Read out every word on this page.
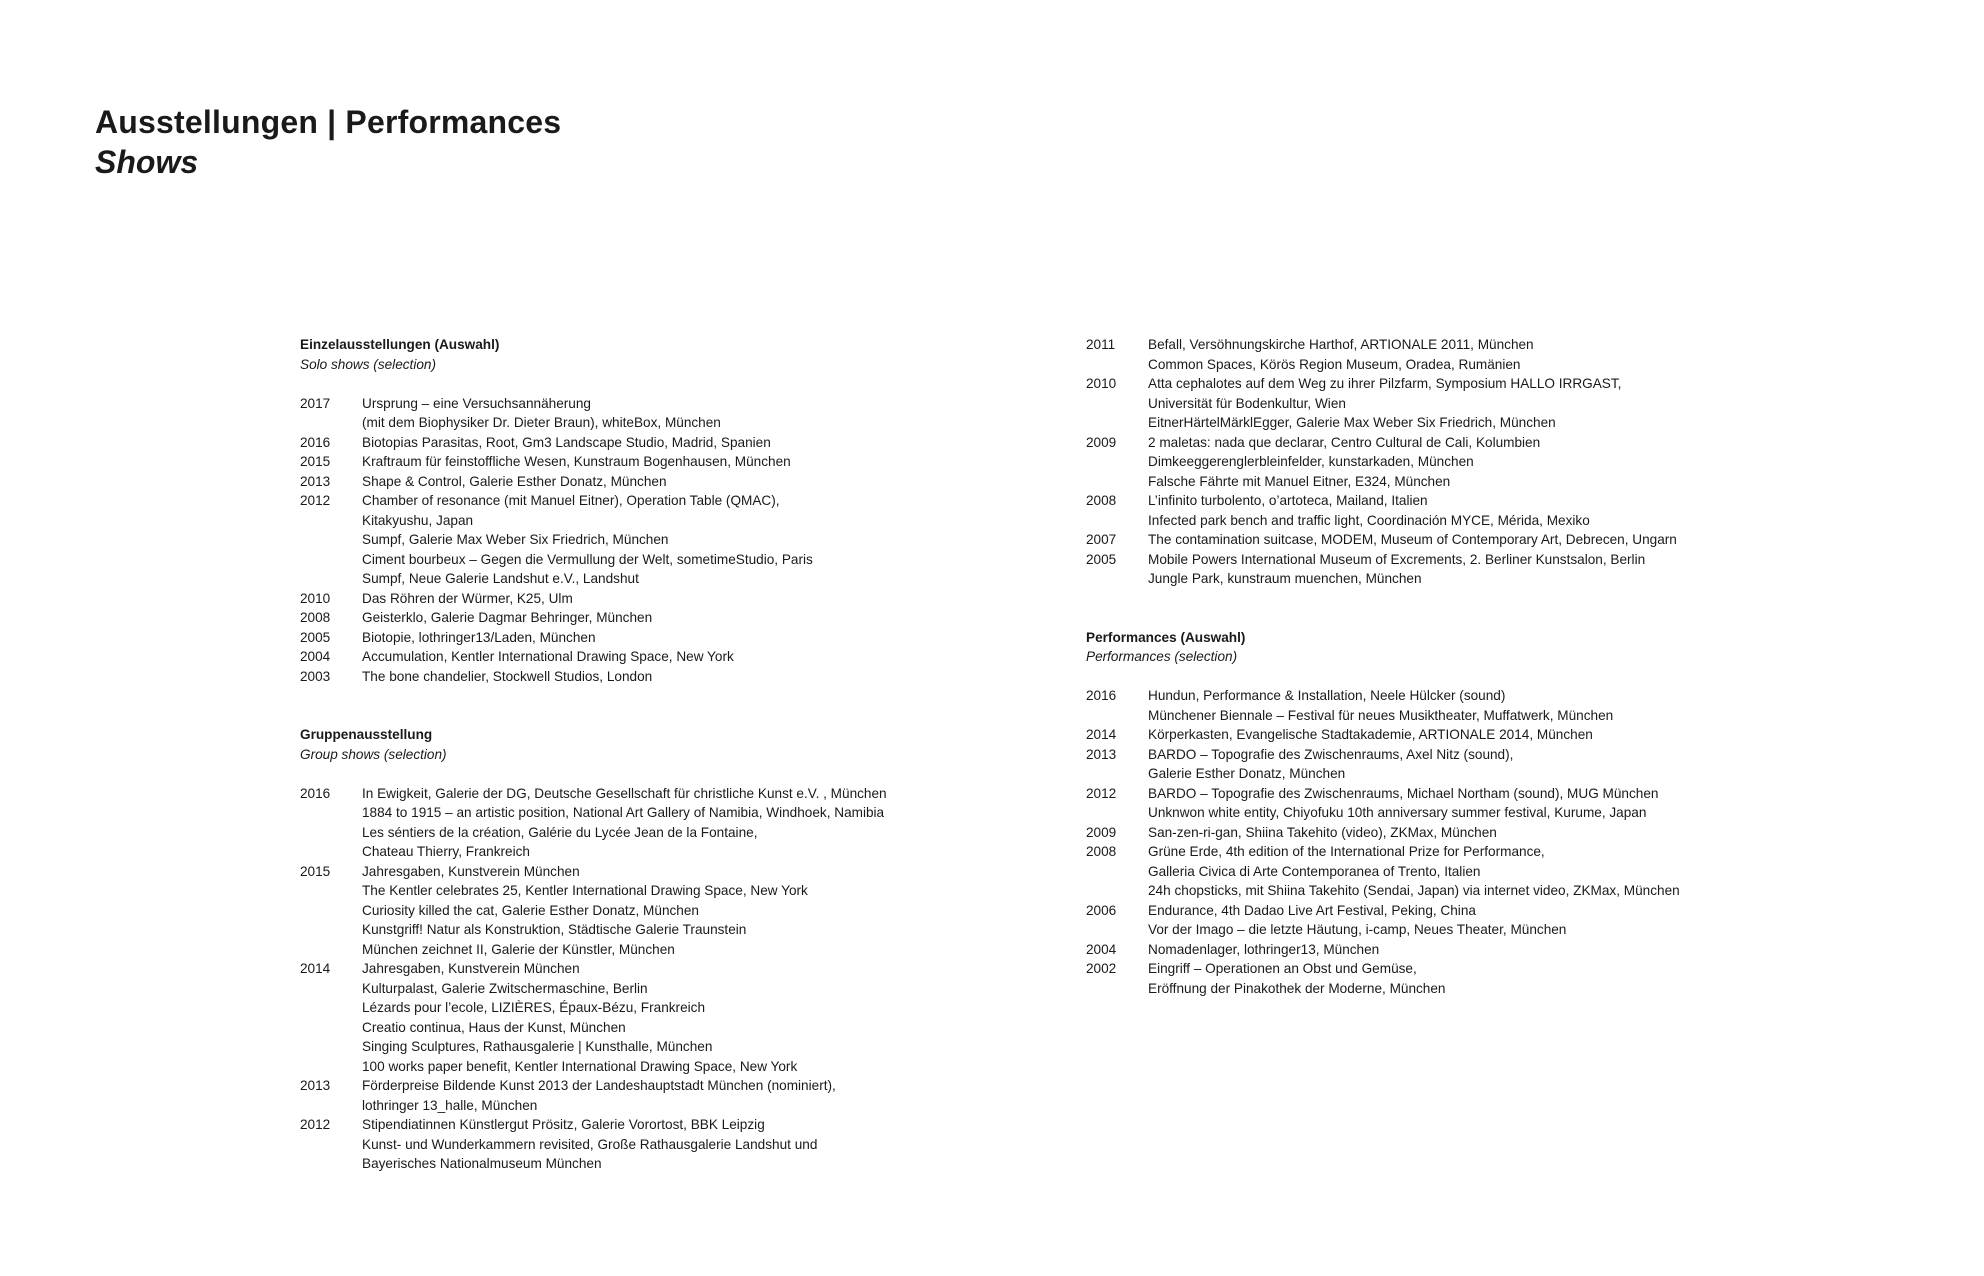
Ausstellungen | Performances
Shows
Einzelausstellungen (Auswahl)
Solo shows (selection)
2017	Ursprung – eine Versuchsannäherung
(mit dem Biophysiker Dr. Dieter Braun), whiteBox, München
2016	Biotopias Parasitas, Root, Gm3 Landscape Studio, Madrid, Spanien
2015	Kraftraum für feinstoffliche Wesen, Kunstraum Bogenhausen, München
2013	Shape & Control, Galerie Esther Donatz, München
2012	Chamber of resonance (mit Manuel Eitner), Operation Table (QMAC),
Kitakyushu, Japan
Sumpf, Galerie Max Weber Six Friedrich, München
Ciment bourbeux – Gegen die Vermullung der Welt, sometimeStudio, Paris
Sumpf, Neue Galerie Landshut e.V., Landshut
2010	Das Röhren der Würmer, K25, Ulm
2008	Geisterklo, Galerie Dagmar Behringer, München
2005	Biotopie, lothringer13/Laden, München
2004	Accumulation, Kentler International Drawing Space, New York
2003	The bone chandelier, Stockwell Studios, London
Gruppenausstellung
Group shows (selection)
2016	In Ewigkeit, Galerie der DG, Deutsche Gesellschaft für christliche Kunst e.V. , München
1884 to 1915 – an artistic position, National Art Gallery of Namibia, Windhoek, Namibia
Les séntiers de la création, Galérie du Lycée Jean de la Fontaine,
Chateau Thierry, Frankreich
2015	Jahresgaben, Kunstverein München
The Kentler celebrates 25, Kentler International Drawing Space, New York
Curiosity killed the cat, Galerie Esther Donatz, München
Kunstgriff! Natur als Konstruktion, Städtische Galerie Traunstein
München zeichnet II, Galerie der Künstler, München
2014	Jahresgaben, Kunstverein München
Kulturpalast, Galerie Zwitschermaschine, Berlin
Lézards pour l’ecole, LIZIÈRES, Épaux-Bézu, Frankreich
Creatio continua, Haus der Kunst, München
Singing Sculptures, Rathausgalerie | Kunsthalle, München
100 works paper benefit, Kentler International Drawing Space, New York
2013	Förderpreise Bildende Kunst 2013 der Landeshauptstadt München (nominiert),
lothringer 13_halle, München
2012	Stipendiatinnen Künstlergut Prösitz, Galerie Vorortost, BBK Leipzig
Kunst- und Wunderkammern revisited, Große Rathausgalerie Landshut und
Bayerisches Nationalmuseum München
2011	Befall, Versöhnungskirche Harthof, ARTIONALE 2011, München
Common Spaces, Körös Region Museum, Oradea, Rumänien
2010	Atta cephalotes auf dem Weg zu ihrer Pilzfarm, Symposium HALLO IRRGAST,
Universität für Bodenkultur, Wien
EitnerHärtelMärklEgger, Galerie Max Weber Six Friedrich, München
2009	2 maletas: nada que declarar, Centro Cultural de Cali, Kolumbien
Dimkeeggerenglerbleinfelder, kunstarkaden, München
Falsche Fährte mit Manuel Eitner, E324, München
2008	L’infinito turbolento, o’artoteca, Mailand, Italien
Infected park bench and traffic light, Coordinación MYCE, Mérida, Mexiko
2007	The contamination suitcase, MODEM, Museum of Contemporary Art, Debrecen, Ungarn
2005	Mobile Powers International Museum of Excrements, 2. Berliner Kunstsalon, Berlin
Jungle Park, kunstraum muenchen, München
Performances (Auswahl)
Performances (selection)
2016	Hundun, Performance & Installation, Neele Hülcker (sound)
Münchener Biennale – Festival für neues Musiktheater, Muffatwerk, München
2014	Körperkasten, Evangelische Stadtakademie, ARTIONALE 2014, München
2013	BARDO – Topografie des Zwischenraums, Axel Nitz (sound),
Galerie Esther Donatz, München
2012	BARDO – Topografie des Zwischenraums, Michael Northam (sound), MUG München
Unknwon white entity, Chiyofuku 10th anniversary summer festival, Kurume, Japan
2009	San-zen-ri-gan, Shiina Takehito (video), ZKMax, München
2008	Grüne Erde, 4th edition of the International Prize for Performance,
Galleria Civica di Arte Contemporanea of Trento, Italien
24h chopsticks, mit Shiina Takehito (Sendai, Japan) via internet video, ZKMax, München
2006	Endurance, 4th Dadao Live Art Festival, Peking, China
Vor der Imago – die letzte Häutung, i-camp, Neues Theater, München
2004	Nomadenlager, lothringer13, München
2002	Eingriff – Operationen an Obst und Gemüse,
Eröffnung der Pinakothek der Moderne, München
